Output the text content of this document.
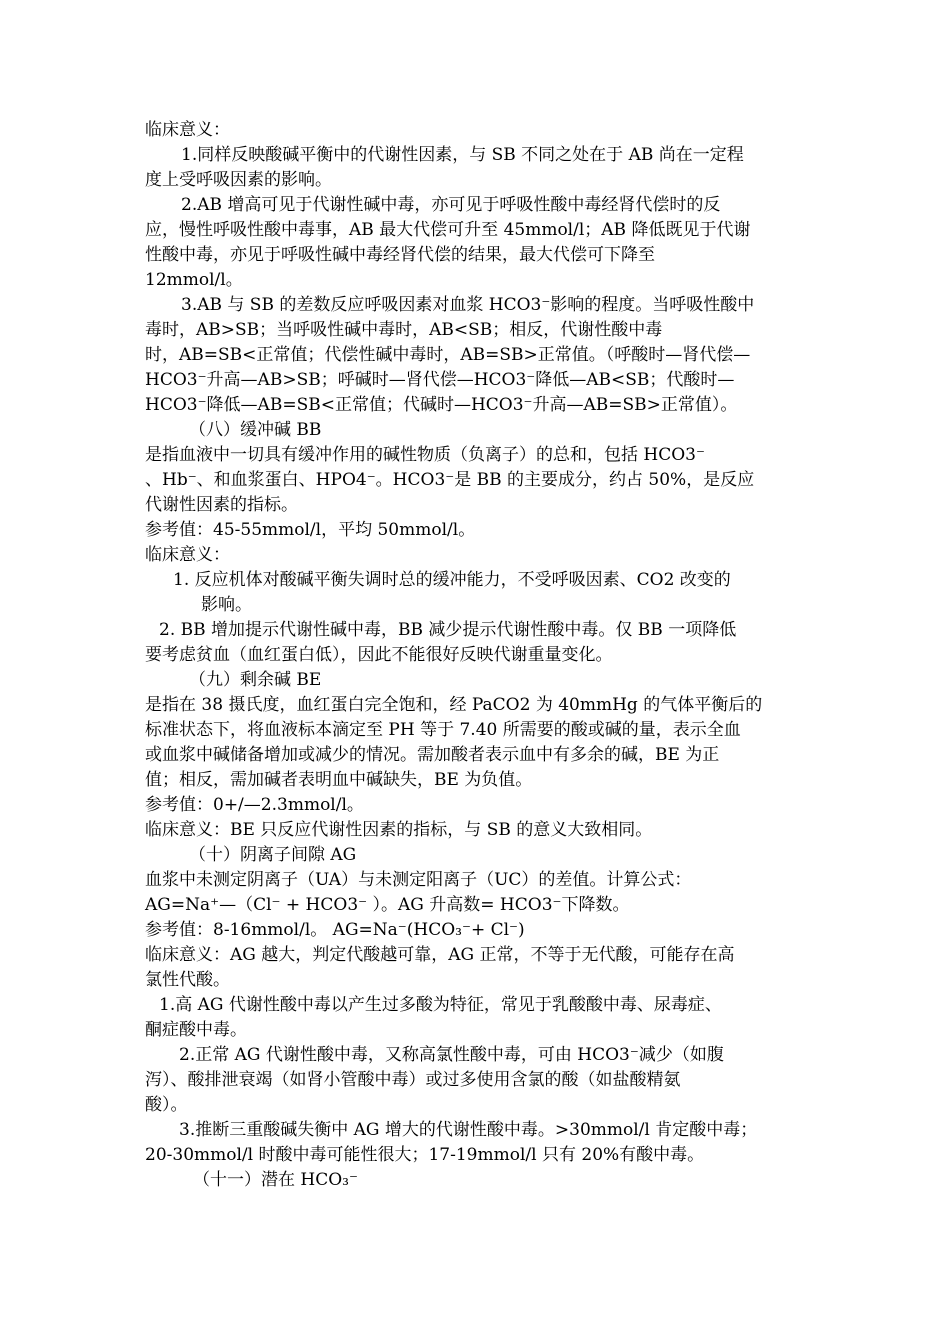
临床意义：
1.同样反映酸碱平衡中的代谢性因素，与 SB 不同之处在于 AB 尚在一定程
度上受呼吸因素的影响。
2.AB 增高可见于代谢性碱中毒，亦可见于呼吸性酸中毒经肾代偿时的反
应，慢性呼吸性酸中毒事，AB 最大代偿可升至 45mmol/l；AB 降低既见于代谢
性酸中毒，亦见于呼吸性碱中毒经肾代偿的结果，最大代偿可下降至
12mmol/l。
3.AB 与 SB 的差数反应呼吸因素对血浆 HCO3⁻影响的程度。当呼吸性酸中
毒时，AB>SB；当呼吸性碱中毒时，AB<SB；相反，代谢性酸中毒
时，AB=SB<正常值；代偿性碱中毒时，AB=SB>正常值。（呼酸时—肾代偿—
HCO3⁻升高—AB>SB；呼碱时—肾代偿—HCO3⁻降低—AB<SB；代酸时—
HCO3⁻降低—AB=SB<正常值；代碱时—HCO3⁻升高—AB=SB>正常值）。
（八）缓冲碱 BB
是指血液中一切具有缓冲作用的碱性物质（负离子）的总和，包括 HCO3⁻
、Hb⁻、和血浆蛋白、HPO4⁻。HCO3⁻是 BB 的主要成分，约占 50%，是反应
代谢性因素的指标。
参考值：45-55mmol/l，平均 50mmol/l。
临床意义：
1. 反应机体对酸碱平衡失调时总的缓冲能力，不受呼吸因素、CO2 改变的
影响。
2. BB 增加提示代谢性碱中毒，BB 减少提示代谢性酸中毒。仅 BB 一项降低
要考虑贫血（血红蛋白低），因此不能很好反映代谢重量变化。
（九）剩余碱 BE
是指在 38 摄氏度，血红蛋白完全饱和，经 PaCO2 为 40mmHg 的气体平衡后的
标准状态下，将血液标本滴定至 PH 等于 7.40 所需要的酸或碱的量，表示全血
或血浆中碱储备增加或减少的情况。需加酸者表示血中有多余的碱，BE 为正
值；相反，需加碱者表明血中碱缺失，BE 为负值。
参考值：0+/—2.3mmol/l。
临床意义：BE 只反应代谢性因素的指标，与 SB 的意义大致相同。
（十）阴离子间隙 AG
血浆中未测定阴离子（UA）与未测定阳离子（UC）的差值。计算公式：
AG=Na⁺—（Cl⁻ + HCO3⁻ ）。AG 升高数= HCO3⁻下降数。
参考值：8-16mmol/l。 AG=Na⁻(HCO₃⁻+ Cl⁻)
临床意义：AG 越大，判定代酸越可靠，AG 正常，不等于无代酸，可能存在高
氯性代酸。
1.高 AG 代谢性酸中毒以产生过多酸为特征，常见于乳酸酸中毒、尿毒症、
酮症酸中毒。
2.正常 AG 代谢性酸中毒，又称高氯性酸中毒，可由 HCO3⁻减少（如腹
泻）、酸排泄衰竭（如肾小管酸中毒）或过多使用含氯的酸（如盐酸精氨
酸）。
3.推断三重酸碱失衡中 AG 增大的代谢性酸中毒。>30mmol/l 肯定酸中毒；
20-30mmol/l 时酸中毒可能性很大；17-19mmol/l 只有 20%有酸中毒。
（十一）潜在 HCO₃⁻
